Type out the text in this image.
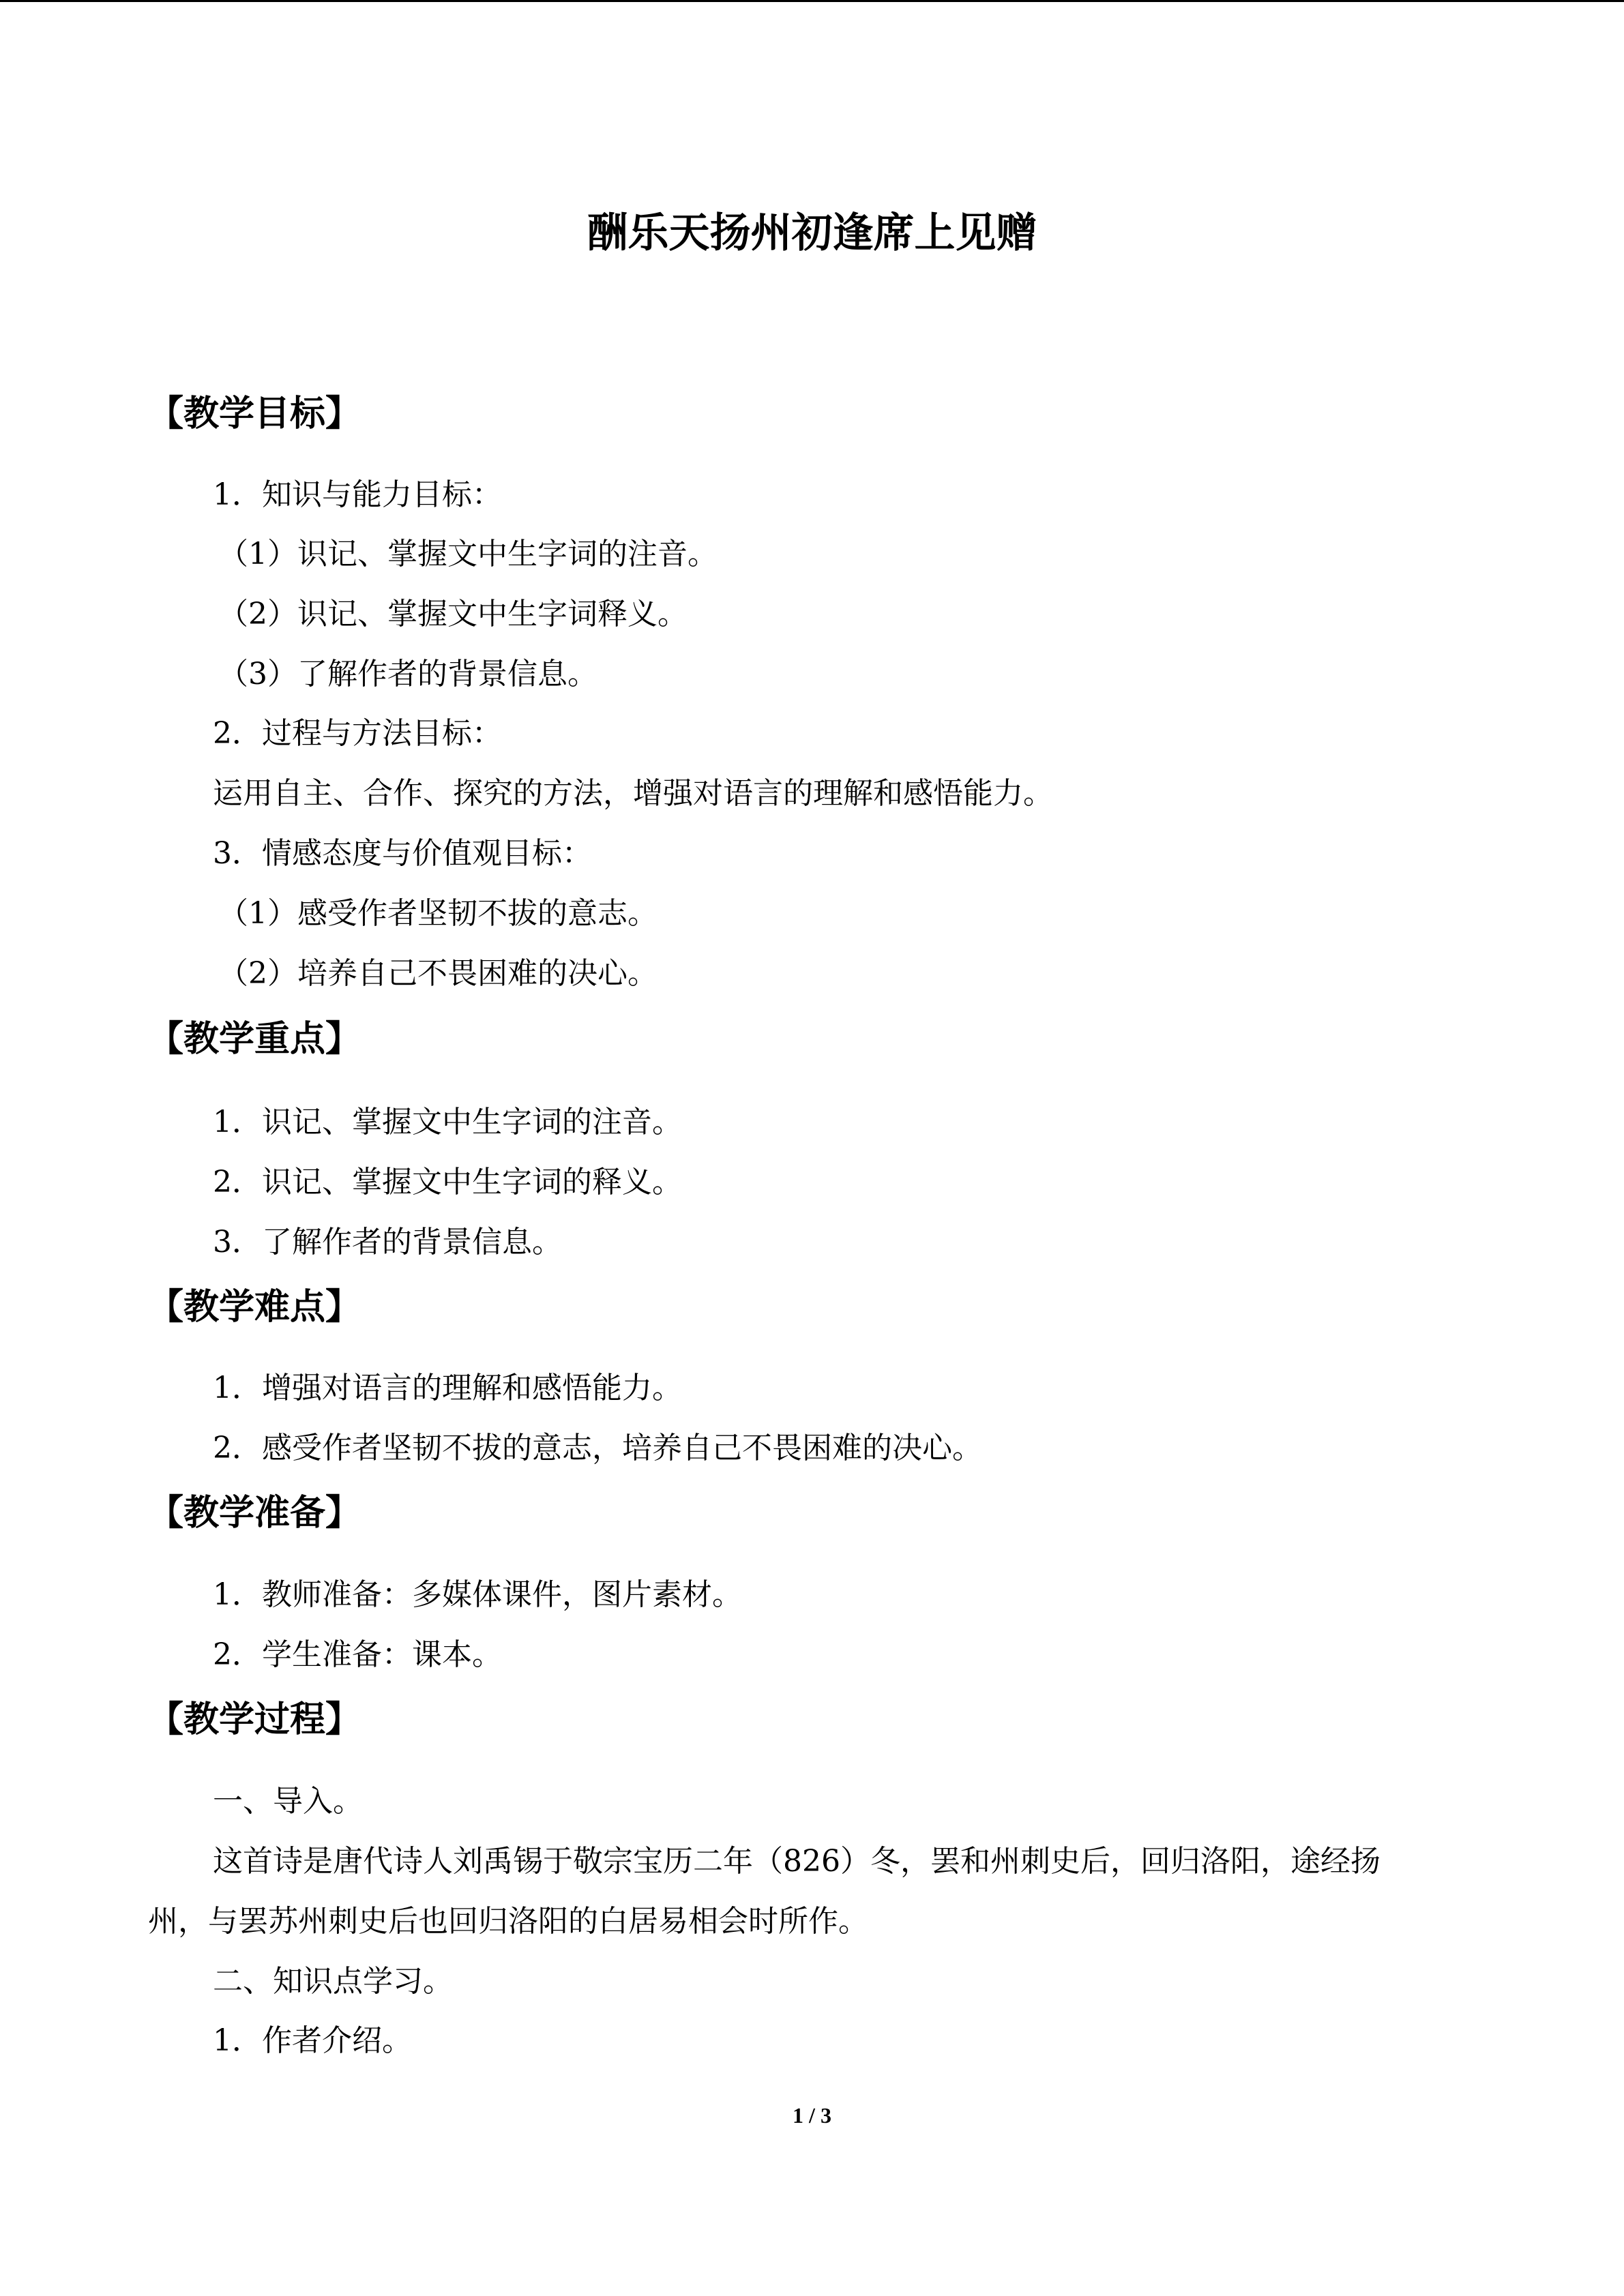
酬乐天扬州初逢席上见赠
【教学目标】
1．知识与能力目标：
（1）识记、掌握文中生字词的注音。
（2）识记、掌握文中生字词释义。
（3）了解作者的背景信息。
2．过程与方法目标：
运用自主、合作、探究的方法，增强对语言的理解和感悟能力。
3．情感态度与价值观目标：
（1）感受作者坚韧不拔的意志。
（2）培养自己不畏困难的决心。
【教学重点】
1．识记、掌握文中生字词的注音。
2．识记、掌握文中生字词的释义。
3．了解作者的背景信息。
【教学难点】
1．增强对语言的理解和感悟能力。
2．感受作者坚韧不拔的意志，培养自己不畏困难的决心。
【教学准备】
1．教师准备：多媒体课件，图片素材。
2．学生准备：课本。
【教学过程】
一、导入。
这首诗是唐代诗人刘禹锡于敬宗宝历二年（826）冬，罢和州刺史后，回归洛阳，途经扬
州，与罢苏州刺史后也回归洛阳的白居易相会时所作。
二、知识点学习。
1．作者介绍。
1 / 3
